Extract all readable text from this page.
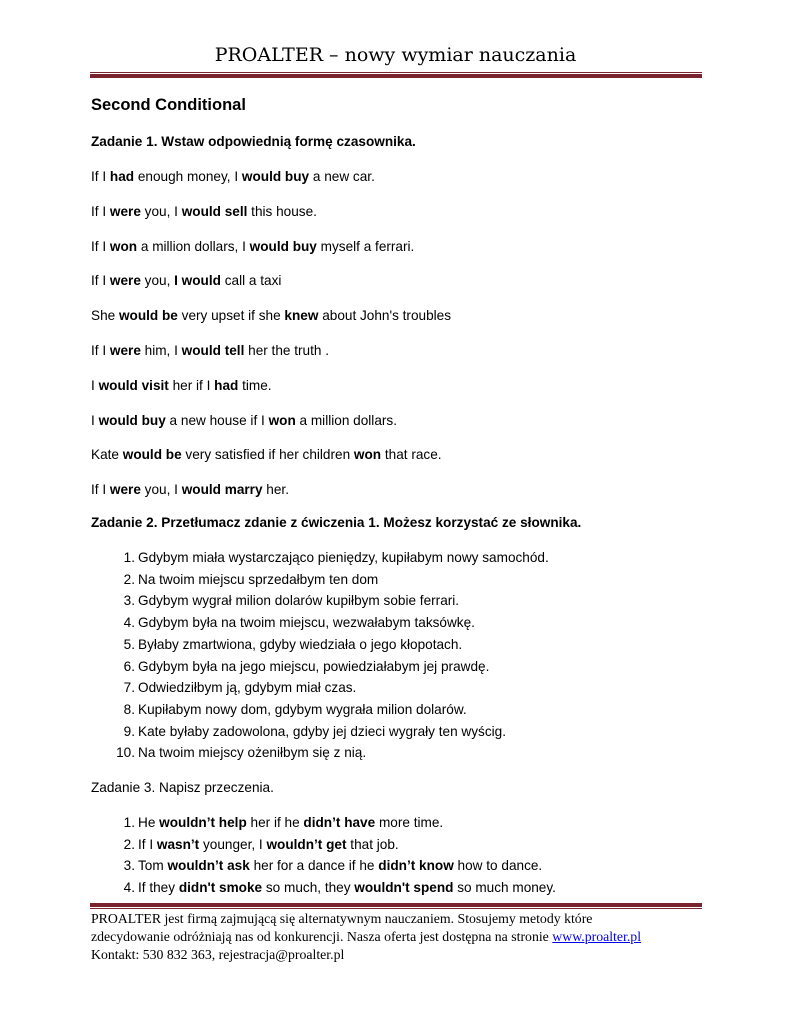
PROALTER – nowy wymiar nauczania
Second Conditional
Zadanie 1. Wstaw odpowiednią formę czasownika.
If I had enough money, I would buy a new car.
If I were you, I would sell this house.
If I won a million dollars, I would buy myself a ferrari.
If I were you, I would call a taxi
She would be very upset if she knew about John's troubles
If I were him, I would tell her the truth .
I would visit her if I had time.
I would buy a new house if I won a million dollars.
Kate would be very satisfied if her children won that race.
If I were you, I would marry her.
Zadanie 2. Przetłumacz zdanie z ćwiczenia 1. Możesz korzystać ze słownika.
1. Gdybym miała wystarczająco pieniędzy, kupiłabym nowy samochód.
2. Na twoim miejscu sprzedałbym ten dom
3. Gdybym wygrał milion dolarów kupiłbym sobie ferrari.
4. Gdybym była na twoim miejscu, wezwałabym taksówkę.
5. Byłaby zmartwiona, gdyby wiedziała o jego kłopotach.
6. Gdybym była na jego miejscu, powiedziałabym jej prawdę.
7. Odwiedziłbym ją, gdybym miał czas.
8. Kupiłabym nowy dom, gdybym wygrała milion dolarów.
9. Kate byłaby zadowolona, gdyby jej dzieci wygrały ten wyścig.
10. Na twoim miejscy ożeniłbym się z nią.
Zadanie 3. Napisz przeczenia.
1. He wouldn’t help her if he didn’t have more time.
2. If I wasn’t younger, I wouldn’t get that job.
3. Tom wouldn’t ask her for a dance if he didn’t know how to dance.
4. If they didn't smoke so much, they wouldn't spend so much money.
PROALTER jest firmą zajmującą się alternatywnym nauczaniem. Stosujemy metody które
zdecydowanie odróżniają nas od konkurencji. Nasza oferta jest dostępna na stronie www.proalter.pl
Kontakt: 530 832 363, rejestracja@proalter.pl
